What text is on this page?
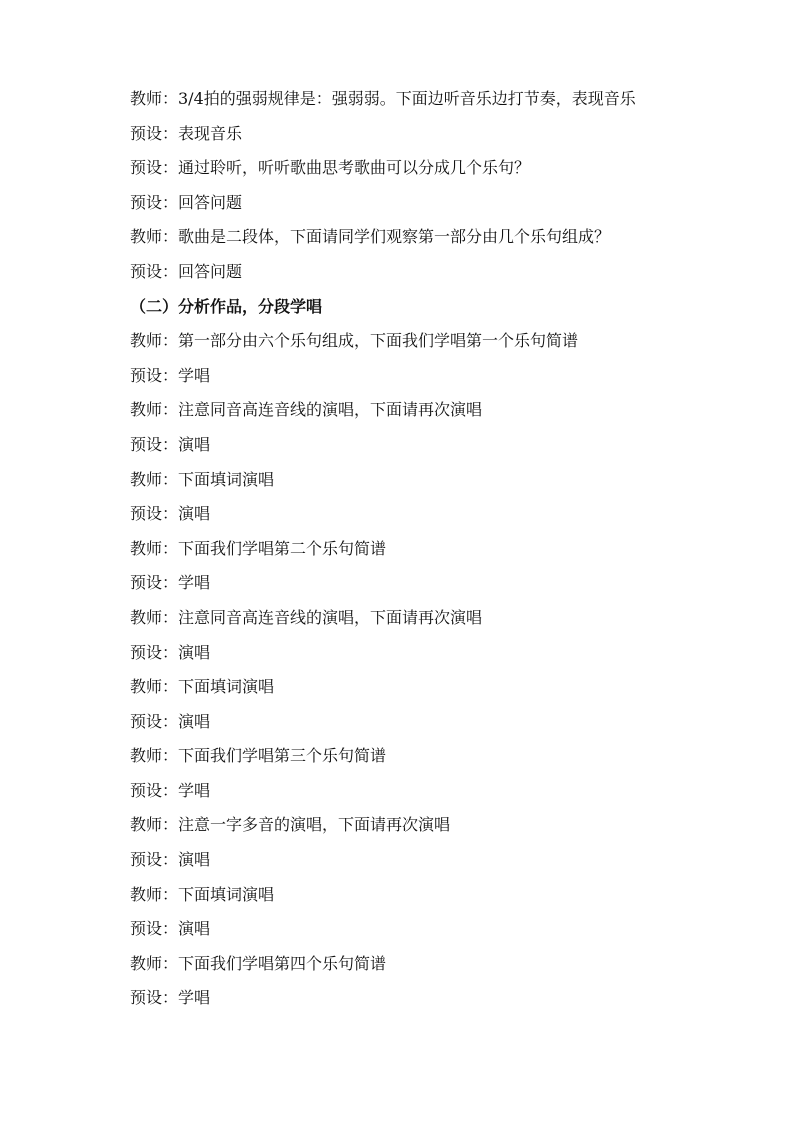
教师：3/4拍的强弱规律是：强弱弱。下面边听音乐边打节奏，表现音乐

预设：表现音乐

预设：通过聆听，听听歌曲思考歌曲可以分成几个乐句？

预设：回答问题

教师：歌曲是二段体，下面请同学们观察第一部分由几个乐句组成？

预设：回答问题

（二）分析作品，分段学唱

教师：第一部分由六个乐句组成，下面我们学唱第一个乐句简谱

预设：学唱

教师：注意同音高连音线的演唱，下面请再次演唱

预设：演唱

教师：下面填词演唱

预设：演唱

教师：下面我们学唱第二个乐句简谱

预设：学唱

教师：注意同音高连音线的演唱，下面请再次演唱

预设：演唱

教师：下面填词演唱

预设：演唱

教师：下面我们学唱第三个乐句简谱

预设：学唱

教师：注意一字多音的演唱，下面请再次演唱

预设：演唱

教师：下面填词演唱

预设：演唱

教师：下面我们学唱第四个乐句简谱

预设：学唱
